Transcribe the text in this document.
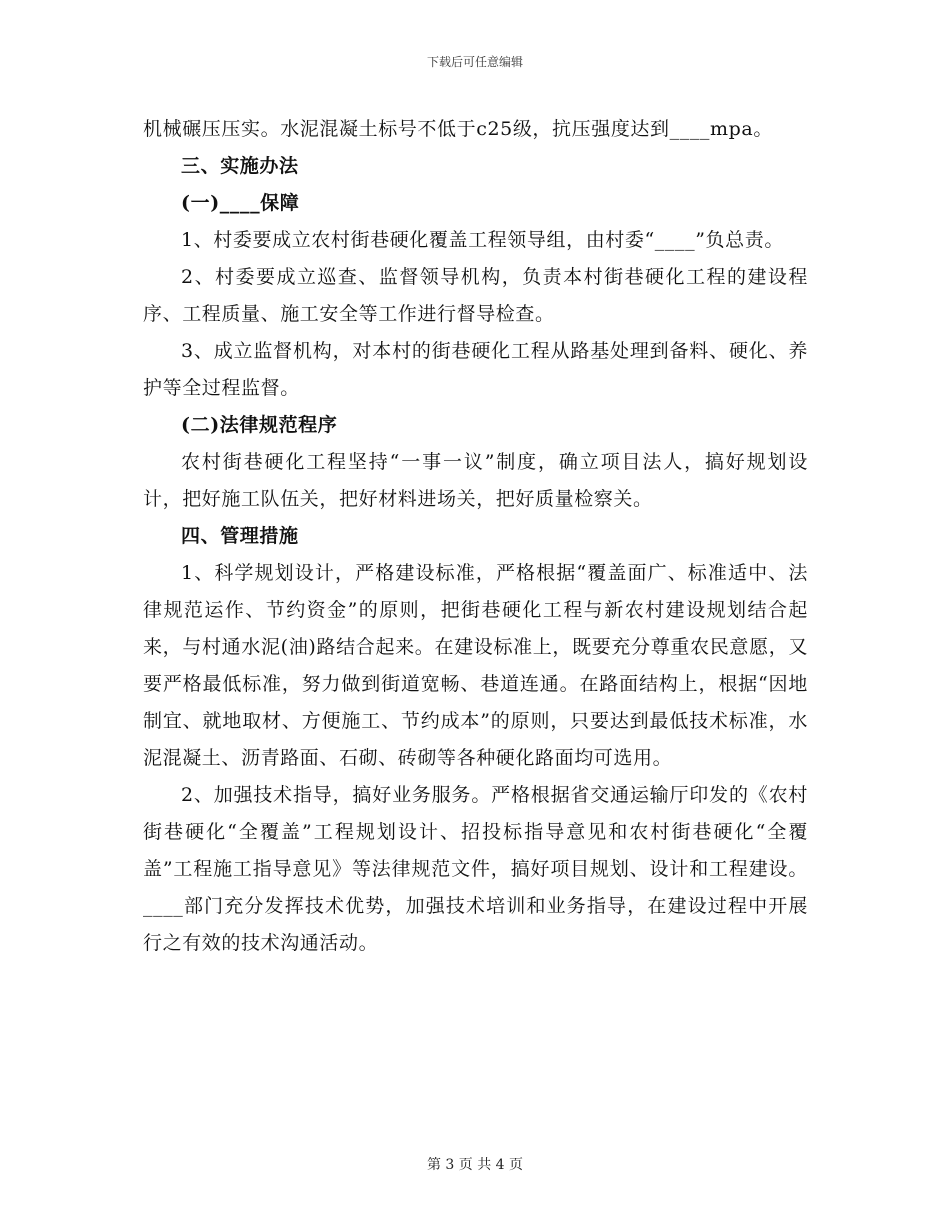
下载后可任意编辑

机械碾压压实。水泥混凝土标号不低于c25级，抗压强度达到____mpa。

三、实施办法

(一)____保障

1、村委要成立农村街巷硬化覆盖工程领导组，由村委“____”负总责。

2、村委要成立巡查、监督领导机构，负责本村街巷硬化工程的建设程序、工程质量、施工安全等工作进行督导检查。

3、成立监督机构，对本村的街巷硬化工程从路基处理到备料、硬化、养护等全过程监督。

(二)法律规范程序

农村街巷硬化工程坚持“一事一议”制度，确立项目法人，搞好规划设计，把好施工队伍关，把好材料进场关，把好质量检察关。

四、管理措施

1、科学规划设计，严格建设标准，严格根据“覆盖面广、标准适中、法律规范运作、节约资金”的原则，把街巷硬化工程与新农村建设规划结合起来，与村通水泥(油)路结合起来。在建设标准上，既要充分尊重农民意愿，又要严格最低标准，努力做到街道宽畅、巷道连通。在路面结构上，根据“因地制宜、就地取材、方便施工、节约成本”的原则，只要达到最低技术标准，水泥混凝土、沥青路面、石砌、砖砌等各种硬化路面均可选用。

2、加强技术指导，搞好业务服务。严格根据省交通运输厅印发的《农村街巷硬化“全覆盖”工程规划设计、招投标指导意见和农村街巷硬化“全覆盖”工程施工指导意见》等法律规范文件，搞好项目规划、设计和工程建设。____部门充分发挥技术优势，加强技术培训和业务指导，在建设过程中开展行之有效的技术沟通活动。

第 3 页 共 4 页
